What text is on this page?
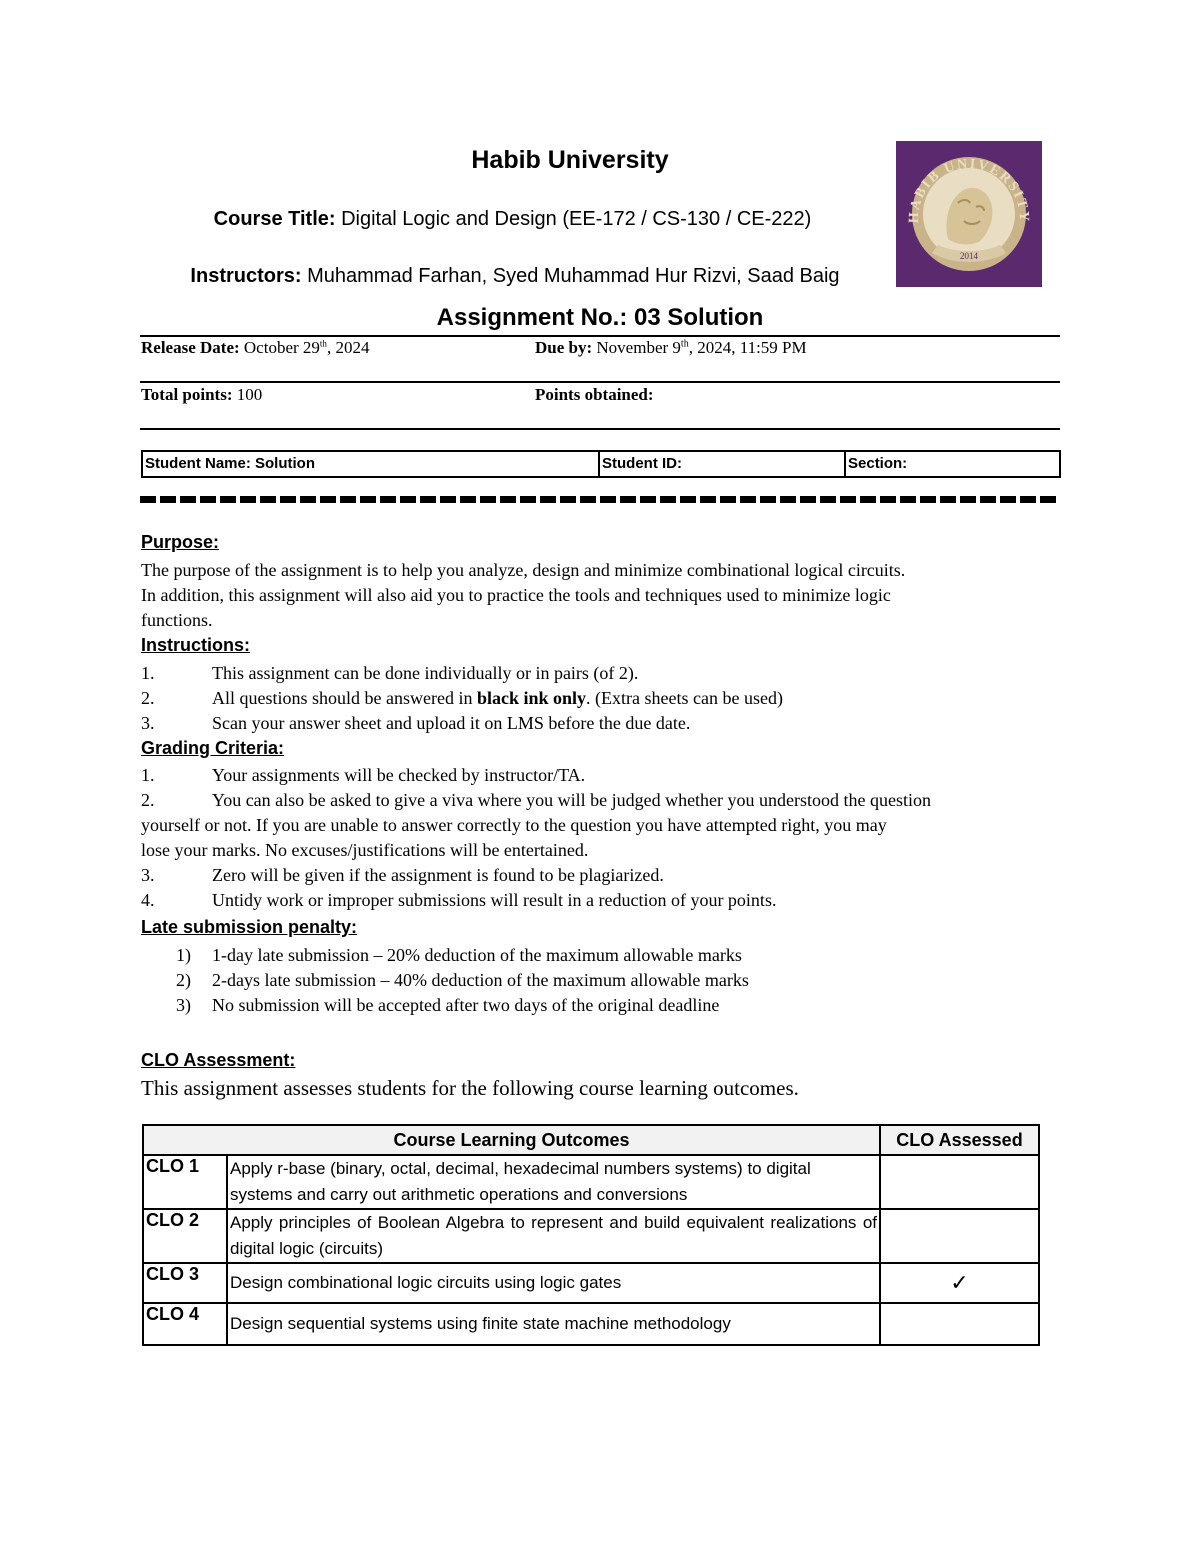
Habib University
Course Title: Digital Logic and Design (EE-172 / CS-130 / CE-222)
Instructors: Muhammad Farhan, Syed Muhammad Hur Rizvi, Saad Baig
2014
HABIB UNIVERSITY
Assignment No.: 03 Solution
Release Date: October 29th, 2024	Due by: November 9th, 2024, 11:59 PM
Total points: 100	Points obtained:
Student Name: Solution	Student ID:	Section:
Purpose:
The purpose of the assignment is to help you analyze, design and minimize combinational logical circuits.
In addition, this assignment will also aid you to practice the tools and techniques used to minimize logic
functions.
Instructions:
1.	This assignment can be done individually or in pairs (of 2).
2.	All questions should be answered in black ink only. (Extra sheets can be used)
3.	Scan your answer sheet and upload it on LMS before the due date.
Grading Criteria:
1.	Your assignments will be checked by instructor/TA.
2.	You can also be asked to give a viva where you will be judged whether you understood the question
yourself or not. If you are unable to answer correctly to the question you have attempted right, you may
lose your marks. No excuses/justifications will be entertained.
3.	Zero will be given if the assignment is found to be plagiarized.
4.	Untidy work or improper submissions will result in a reduction of your points.
Late submission penalty:
1) 1-day late submission – 20% deduction of the maximum allowable marks
2) 2-days late submission – 40% deduction of the maximum allowable marks
3) No submission will be accepted after two days of the original deadline
CLO Assessment:
This assignment assesses students for the following course learning outcomes.
Course Learning Outcomes		CLO Assessed
CLO 1	Apply r-base (binary, octal, decimal, hexadecimal numbers systems) to digital systems and carry out arithmetic operations and conversions	
CLO 2	Apply principles of Boolean Algebra to represent and build equivalent realizations of digital logic (circuits)	
CLO 3	Design combinational logic circuits using logic gates	✓
CLO 4	Design sequential systems using finite state machine methodology	
